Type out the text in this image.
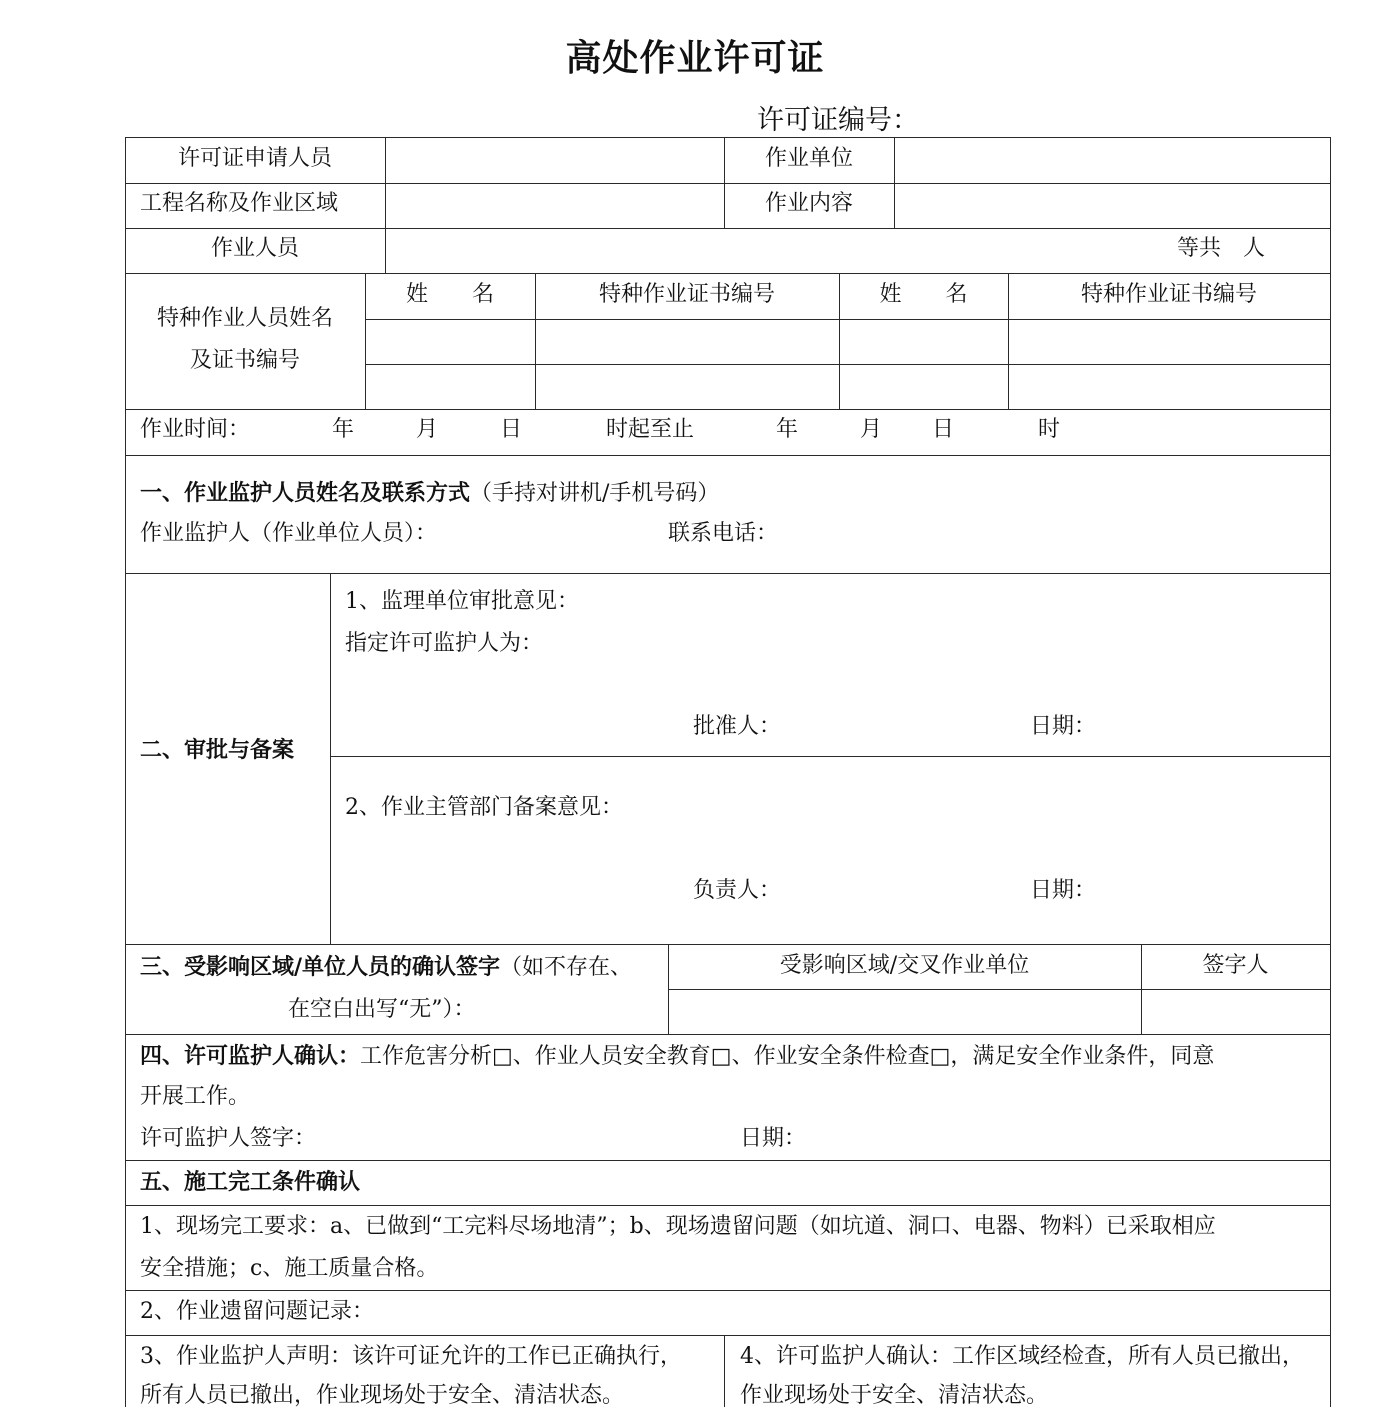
高处作业许可证
许可证编号：
许可证申请人员	作业单位
工程名称及作业区域	作业内容
作业人员	等共　人
特种作业人员姓名
及证书编号
姓　　名	特种作业证书编号	姓　　名	特种作业证书编号
作业时间：	年	月	日	时起至止	年	月 日	时
一、作业监护人员姓名及联系方式（手持对讲机/手机号码）
作业监护人（作业单位人员）：	联系电话：
二、审批与备案
1、监理单位审批意见：
指定许可监护人为：
批准人：	日期：
2、作业主管部门备案意见：
负责人：	日期：
三、受影响区域/单位人员的确认签字（如不存在、
在空白出写“无”）：
受影响区域/交叉作业单位	签字人
四、许可监护人确认：工作危害分析□、作业人员安全教育□、作业安全条件检查□，满足安全作业条件，同意
开展工作。
许可监护人签字：	日期：
五、施工完工条件确认
1、现场完工要求：a、已做到“工完料尽场地清”；b、现场遗留问题（如坑道、洞口、电器、物料）已采取相应
安全措施；c、施工质量合格。
2、作业遗留问题记录：
3、作业监护人声明：该许可证允许的工作已正确执行，
所有人员已撤出，作业现场处于安全、清洁状态。
4、许可监护人确认：工作区域经检查，所有人员已撤出，
作业现场处于安全、清洁状态。
